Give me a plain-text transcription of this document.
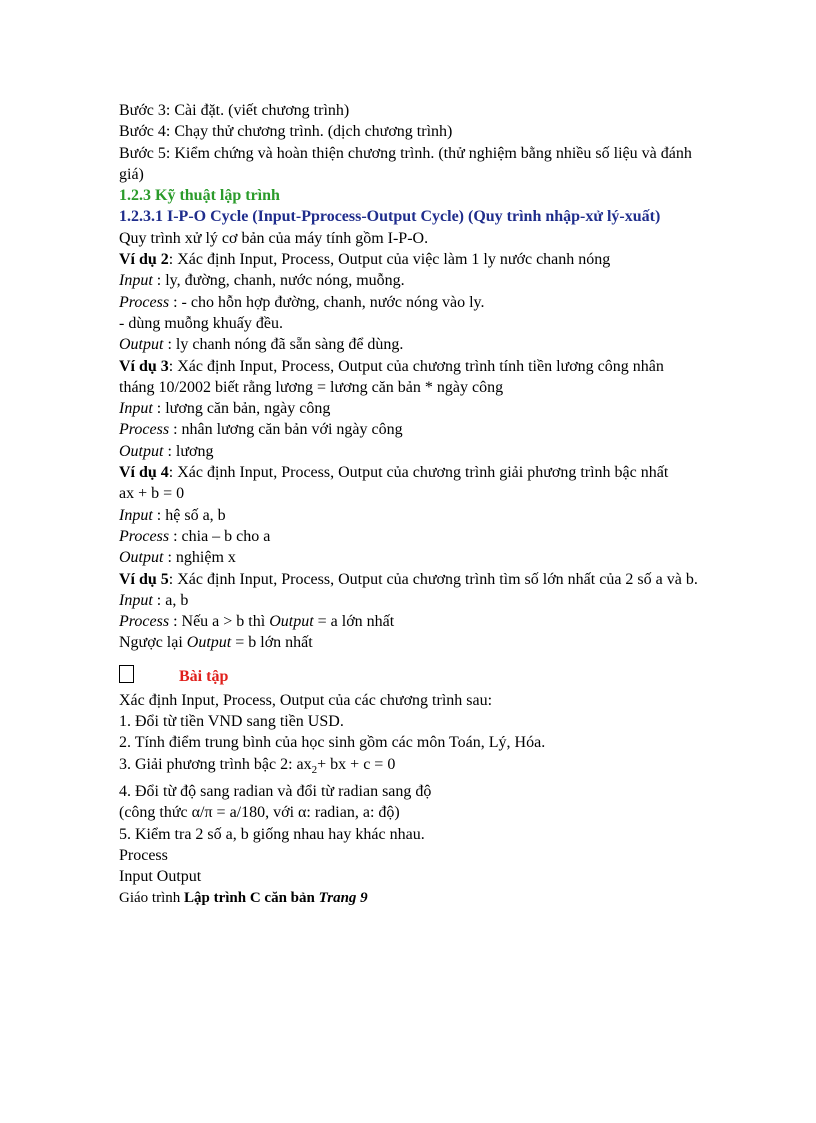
Bước 3: Cài đặt. (viết chương trình)
Bước 4: Chạy thử chương trình. (dịch chương trình)
Bước 5: Kiểm chứng và hoàn thiện chương trình. (thử nghiệm bằng nhiều số liệu và đánh giá)
1.2.3 Kỹ thuật lập trình
1.2.3.1 I-P-O Cycle (Input-Pprocess-Output Cycle) (Quy trình nhập-xử lý-xuất)
Quy trình xử lý cơ bản của máy tính gồm I-P-O.
Ví dụ 2: Xác định Input, Process, Output của việc làm 1 ly nước chanh nóng
Input : ly, đường, chanh, nước nóng, muỗng.
Process : - cho hỗn hợp đường, chanh, nước nóng vào ly.
- dùng muỗng khuấy đều.
Output : ly chanh nóng đã sẵn sàng để dùng.
Ví dụ 3: Xác định Input, Process, Output của chương trình tính tiền lương công nhân
tháng 10/2002 biết rằng lương = lương căn bản * ngày công
Input : lương căn bản, ngày công
Process : nhân lương căn bản với ngày công
Output : lương
Ví dụ 4: Xác định Input, Process, Output của chương trình giải phương trình bậc nhất
ax + b = 0
Input : hệ số a, b
Process : chia – b cho a
Output : nghiệm x
Ví dụ 5: Xác định Input, Process, Output của chương trình tìm số lớn nhất của 2 số a và b.
Input : a, b
Process : Nếu a > b thì Output = a lớn nhất
Ngược lại Output = b lớn nhất
Bài tập
Xác định Input, Process, Output của các chương trình sau:
1. Đổi từ tiền VND sang tiền USD.
2. Tính điểm trung bình của học sinh gồm các môn Toán, Lý, Hóa.
3. Giải phương trình bậc 2: $ax_2+$ bx + c = 0
4. Đổi từ độ sang radian và đổi từ radian sang độ
(công thức α/π = a/180, với α: radian, a: độ)
5. Kiểm tra 2 số a, b giống nhau hay khác nhau.
Process
Input Output
Giáo trình Lập trình C căn bản Trang 9
